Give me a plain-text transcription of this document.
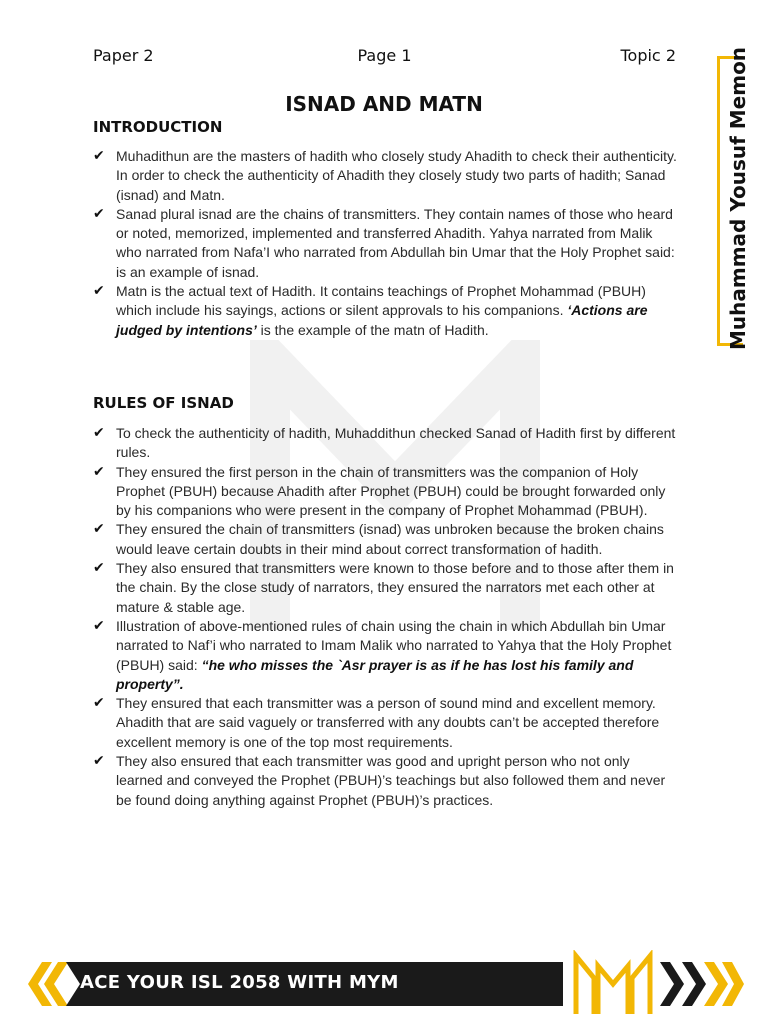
Paper 2	Page 1	Topic 2	Muhammad Yousuf Memon
ISNAD AND MATN
INTRODUCTION
✔ Muhadithun are the masters of hadith who closely study Ahadith to check their authenticity. In order to check the authenticity of Ahadith they closely study two parts of hadith; Sanad (isnad) and Matn.
✔ Sanad plural isnad are the chains of transmitters. They contain names of those who heard or noted, memorized, implemented and transferred Ahadith. Yahya narrated from Malik who narrated from Nafa’I who narrated from Abdullah bin Umar that the Holy Prophet said: is an example of isnad.
✔ Matn is the actual text of Hadith. It contains teachings of Prophet Mohammad (PBUH) which include his sayings, actions or silent approvals to his companions. ‘Actions are judged by intentions’ is the example of the matn of Hadith.
RULES OF ISNAD
✔ To check the authenticity of hadith, Muhaddithun checked Sanad of Hadith first by different rules.
✔ They ensured the first person in the chain of transmitters was the companion of Holy Prophet (PBUH) because Ahadith after Prophet (PBUH) could be brought forwarded only by his companions who were present in the company of Prophet Mohammad (PBUH).
✔ They ensured the chain of transmitters (isnad) was unbroken because the broken chains would leave certain doubts in their mind about correct transformation of hadith.
✔ They also ensured that transmitters were known to those before and to those after them in the chain. By the close study of narrators, they ensured the narrators met each other at mature & stable age.
✔ Illustration of above-mentioned rules of chain using the chain in which Abdullah bin Umar narrated to Naf’i who narrated to Imam Malik who narrated to Yahya that the Holy Prophet (PBUH) said: “he who misses the `Asr prayer is as if he has lost his family and property”.
✔ They ensured that each transmitter was a person of sound mind and excellent memory. Ahadith that are said vaguely or transferred with any doubts can’t be accepted therefore excellent memory is one of the top most requirements.
✔ They also ensured that each transmitter was good and upright person who not only learned and conveyed the Prophet (PBUH)’s teachings but also followed them and never be found doing anything against Prophet (PBUH)’s practices.
ACE YOUR ISL 2058 WITH MYM
